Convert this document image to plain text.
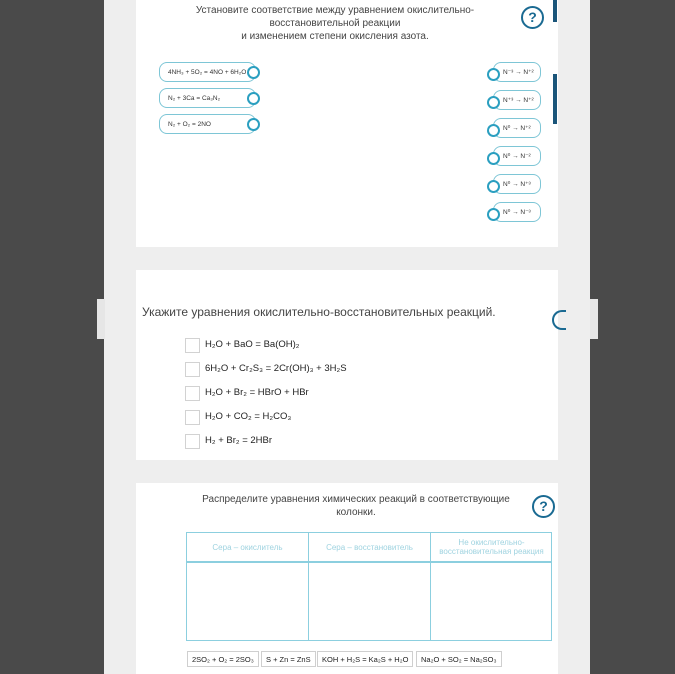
Установите соответствие между уравнением окислительно-
восстановительной реакции
и изменением степени окисления азота.
?
4NH₃ + 5O₂ = 4NO + 6H₂O
N₂ + 3Ca = Ca₃N₂
N₂ + O₂ = 2NO
N⁻³ → N⁺²
N⁺³ → N⁺²
N⁰ → N⁺²
N⁰ → N⁻²
N⁰ → N⁺³
N⁰ → N⁻³
Укажите уравнения окислительно-восстановительных реакций.
H₂O + BaO = Ba(OH)₂
6H₂O + Cr₂S₃ = 2Cr(OH)₃ + 3H₂S
H₂O + Br₂ = HBrO + HBr
H₂O + CO₂ = H₂CO₃
H₂ + Br₂ = 2HBr
Распределите уравнения химических реакций в соответствующие
колонки.	?
Сера – окислитель	Сера – восстановитель	Не окислительно-восстановительная реакция
2SO₂ + O₂ = 2SO₃	S + Zn = ZnS	KOH + H₂S = Ka₂S + H₂O	Na₂O + SO₂ = Na₂SO₃
